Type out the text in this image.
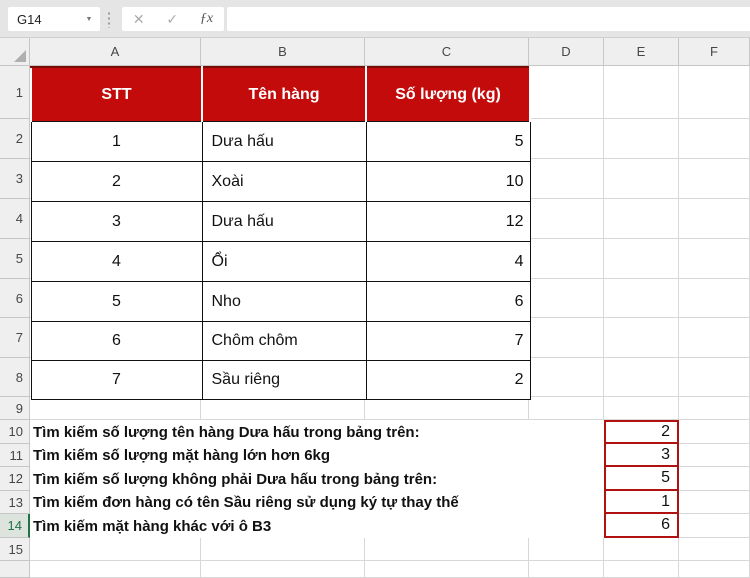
G14	▼	✕ ✓ ƒx
A	B	C	D	E	F
1
2
3
4
5
6
7
8
9
10
11
12
13
14
15
STT	Tên hàng	Số lượng (kg)
1	Dưa hấu	5
2	Xoài	10
3	Dưa hấu	12
4	Ổi	4
5	Nho	6
6	Chôm chôm	7
7	Sầu riêng	2
Tìm kiếm số lượng tên hàng Dưa hấu trong bảng trên:	2
Tìm kiếm số lượng mặt hàng lớn hơn 6kg	3
Tìm kiếm số lượng không phải Dưa hấu trong bảng trên:	5
Tìm kiếm đơn hàng có tên Sầu riêng sử dụng ký tự thay thế	1
Tìm kiếm mặt hàng khác với ô B3	6
